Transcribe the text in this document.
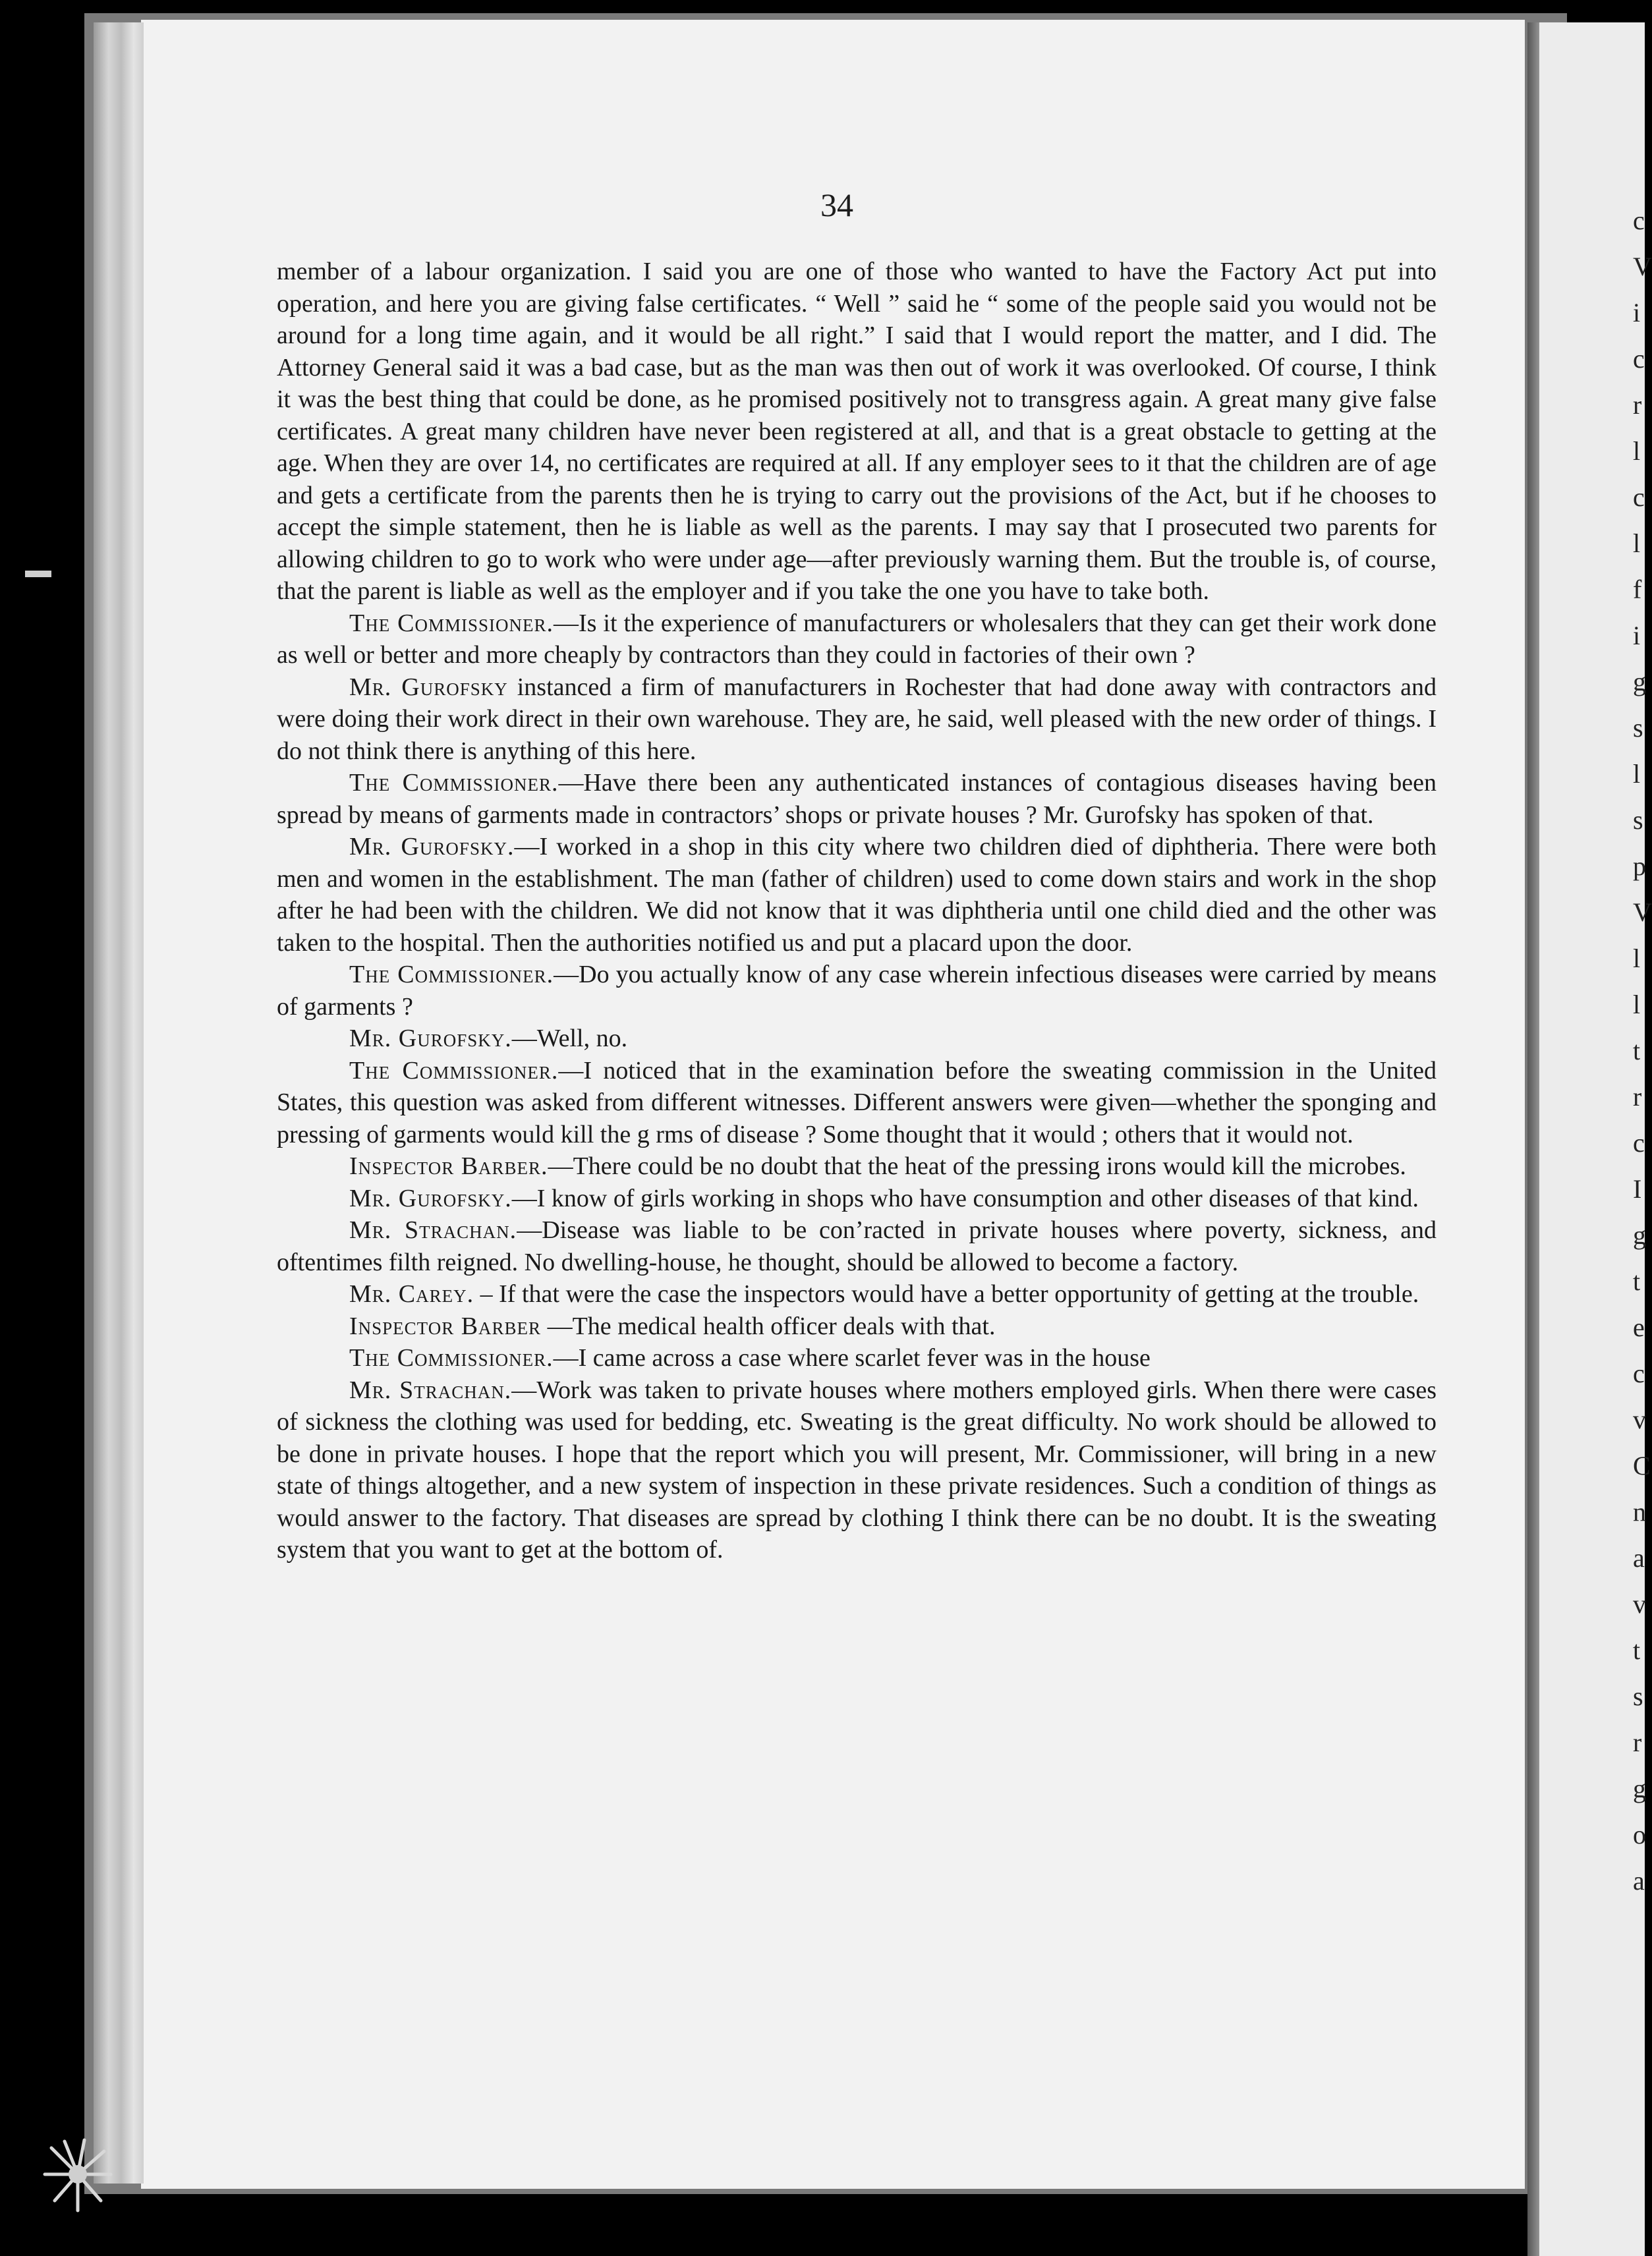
c
V
i
c
r
l
c
l
f
i
g
s
l
s
p
V
l
l
t
r
c
I
g
t
e
c
v
C
n
a
v
t
s
r
g
o
a
34

member of a labour organization. I said you are one of those who wanted to have the Factory Act put into operation, and here you are giving false certificates. “ Well ” said he “ some of the people said you would not be around for a long time again, and it would be all right.” I said that I would report the matter, and I did. The Attorney General said it was a bad case, but as the man was then out of work it was overlooked. Of course, I think it was the best thing that could be done, as he promised positively not to transgress again. A great many give false certificates. A great many children have never been registered at all, and that is a great obstacle to getting at the age. When they are over 14, no certificates are required at all. If any employer sees to it that the children are of age and gets a certificate from the parents then he is trying to carry out the provisions of the Act, but if he chooses to accept the simple statement, then he is liable as well as the parents. I may say that I prosecuted two parents for allowing children to go to work who were under age—after previously warning them. But the trouble is, of course, that the parent is liable as well as the employer and if you take the one you have to take both.

The Commissioner.—Is it the experience of manufacturers or wholesalers that they can get their work done as well or better and more cheaply by contractors than they could in factories of their own ?

Mr. Gurofsky instanced a firm of manufacturers in Rochester that had done away with contractors and were doing their work direct in their own warehouse. They are, he said, well pleased with the new order of things. I do not think there is anything of this here.

The Commissioner.—Have there been any authenticated instances of contagious diseases having been spread by means of garments made in contractors’ shops or private houses ? Mr. Gurofsky has spoken of that.

Mr. Gurofsky.—I worked in a shop in this city where two children died of diphtheria. There were both men and women in the establishment. The man (father of children) used to come down stairs and work in the shop after he had been with the children. We did not know that it was diphtheria until one child died and the other was taken to the hospital. Then the authorities notified us and put a placard upon the door.

The Commissioner.—Do you actually know of any case wherein infectious diseases were carried by means of garments ?

Mr. Gurofsky.—Well, no.

The Commissioner.—I noticed that in the examination before the sweating commission in the United States, this question was asked from different witnesses. Different answers were given—whether the sponging and pressing of garments would kill the g rms of disease ? Some thought that it would ; others that it would not.

Inspector Barber.—There could be no doubt that the heat of the pressing irons would kill the microbes.

Mr. Gurofsky.—I know of girls working in shops who have consumption and other diseases of that kind.

Mr. Strachan.—Disease was liable to be con’racted in private houses where poverty, sickness, and oftentimes filth reigned. No dwelling-house, he thought, should be allowed to become a factory.

Mr. Carey. – If that were the case the inspectors would have a better opportunity of getting at the trouble.

Inspector Barber —The medical health officer deals with that.

The Commissioner.—I came across a case where scarlet fever was in the house

Mr. Strachan.—Work was taken to private houses where mothers employed girls. When there were cases of sickness the clothing was used for bedding, etc. Sweating is the great difficulty. No work should be allowed to be done in private houses. I hope that the report which you will present, Mr. Commissioner, will bring in a new state of things altogether, and a new system of inspection in these private residences. Such a condition of things as would answer to the factory. That diseases are spread by clothing I think there can be no doubt. It is the sweating system that you want to get at the bottom of.
